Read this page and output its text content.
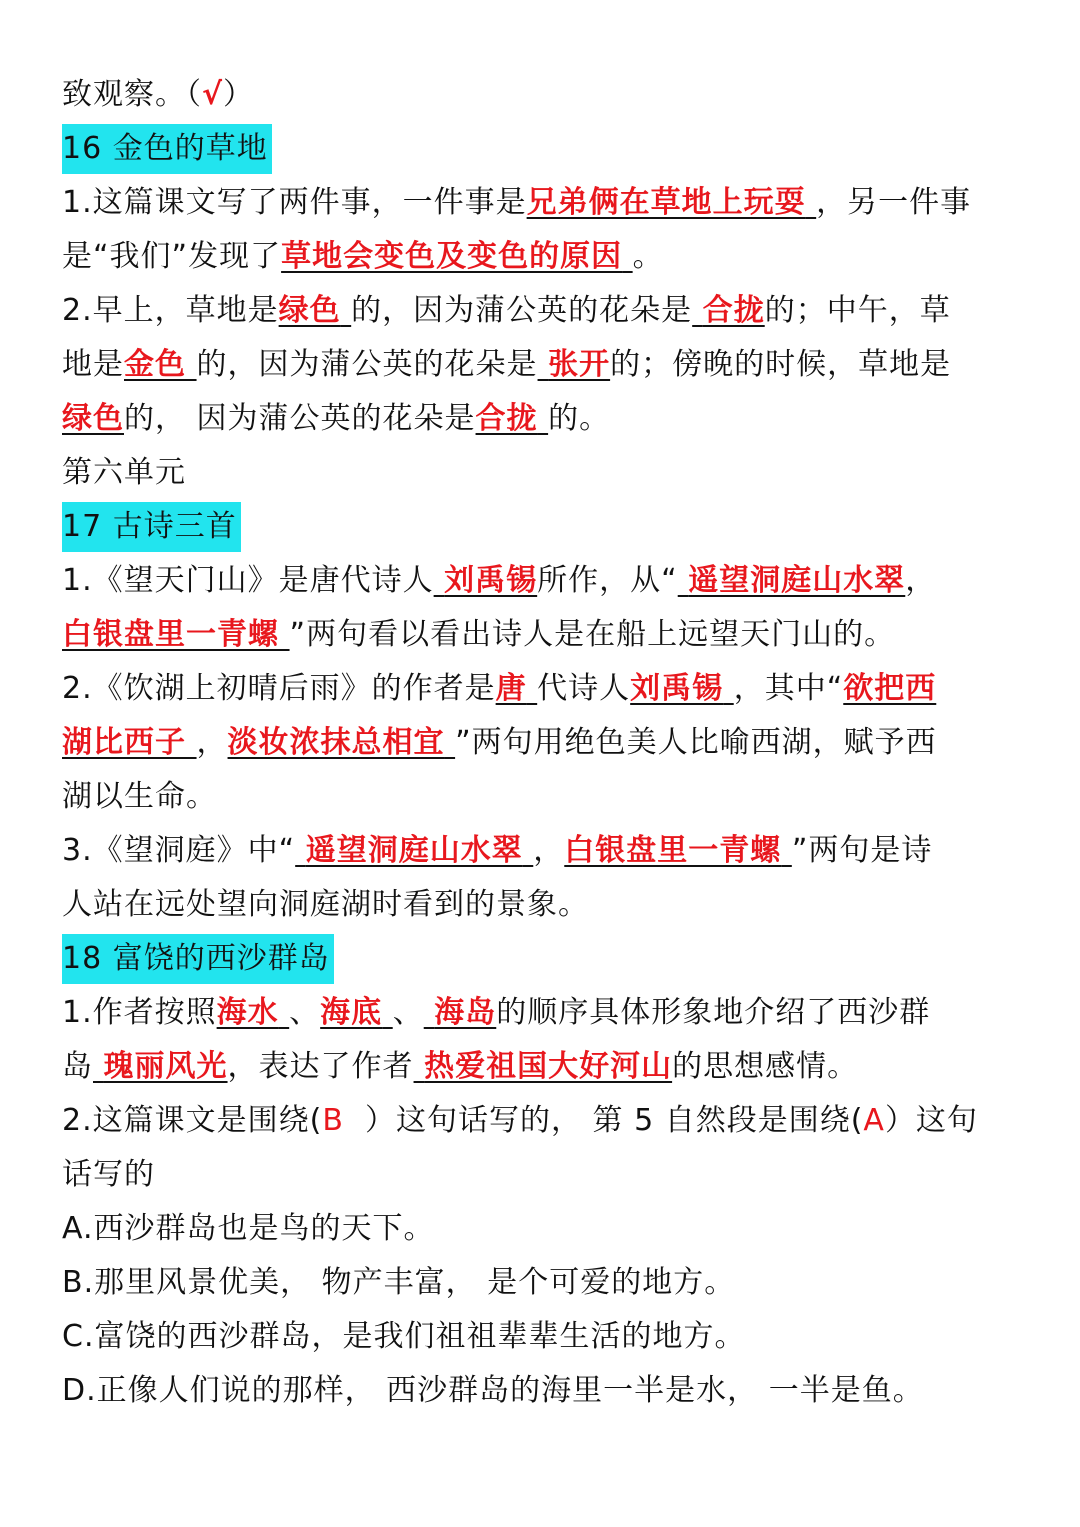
致观察。（√）
16 金色的草地
1.这篇课文写了两件事，一件事是兄弟俩在草地上玩耍 ，另一件事
是“我们”发现了草地会变色及变色的原因 。
2.早上，草地是绿色 的，因为蒲公英的花朵是 合拢的；中午，草
地是金色 的，因为蒲公英的花朵是 张开的；傍晚的时候，草地是
绿色的， 因为蒲公英的花朵是合拢 的。
第六单元
17 古诗三首
1.《望天门山》是唐代诗人 刘禹锡所作，从“ 遥望洞庭山水翠，
白银盘里一青螺 ”两句看以看出诗人是在船上远望天门山的。
2.《饮湖上初晴后雨》的作者是唐 代诗人刘禹锡 ，其中“欲把西
湖比西子 ，淡妆浓抹总相宜 ”两句用绝色美人比喻西湖，赋予西
湖以生命。
3.《望洞庭》中“ 遥望洞庭山水翠 ，白银盘里一青螺 ”两句是诗
人站在远处望向洞庭湖时看到的景象。
18 富饶的西沙群岛
1.作者按照海水 、海底 、 海岛的顺序具体形象地介绍了西沙群
岛 瑰丽风光，表达了作者 热爱祖国大好河山的思想感情。
2.这篇课文是围绕(B ）这句话写的， 第 5 自然段是围绕(A）这句
话写的
A.西沙群岛也是鸟的天下。
B.那里风景优美， 物产丰富， 是个可爱的地方。
C.富饶的西沙群岛，是我们祖祖辈辈生活的地方。
D.正像人们说的那样， 西沙群岛的海里一半是水， 一半是鱼。
